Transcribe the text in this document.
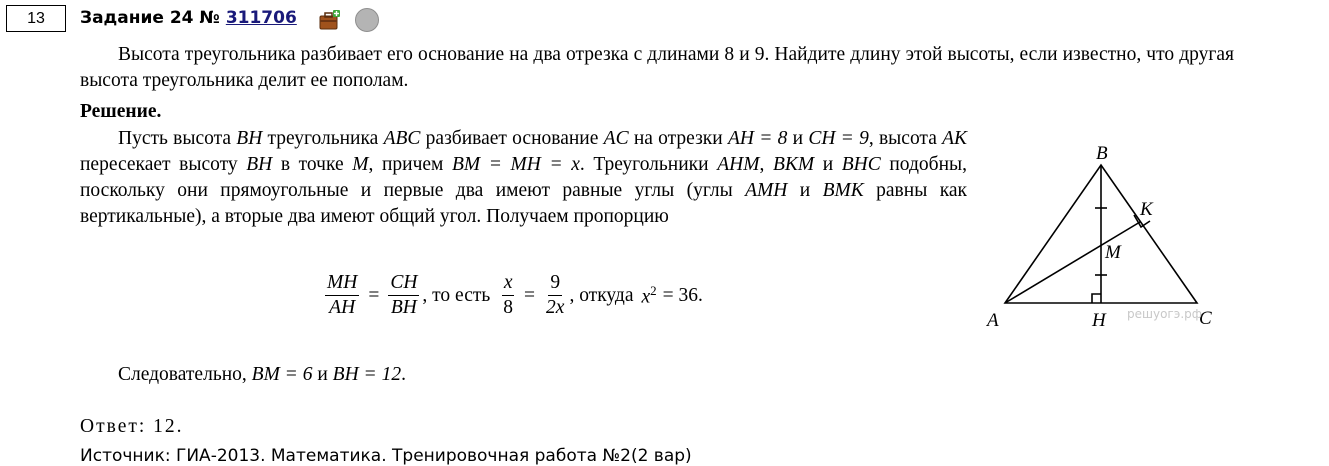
13	Задание 24 № 311706
Высота треугольника разбивает его основание на два отрезка с длинами 8 и 9. Найдите длину этой высоты, если известно, что другая высота треугольника делит ее пополам.
Решение.
Пусть высота BH треугольника ABC разбивает основание AC на отрезки AH = 8 и CH = 9, высота AK пересекает высоту BH в точке M, причем BM = MH = x. Треугольники AHM, BKM и BHC подобны, поскольку они прямоугольные и первые два имеют равные углы (углы AMH и BMK равны как вертикальные), а вторые два имеют общий угол. Получаем пропорцию
$\frac{MH}{AH} = \frac{CH}{BH}$ , то есть $\frac{x}{8} = \frac{9}{2x}$ , откуда $x^2 = 36$.
Следовательно, BM = 6 и BH = 12.
Ответ: 12.
Источник: ГИА-2013. Математика. Тренировочная работа №2(2 вар)
B
K
M
A	H	C
решуогэ.рф
